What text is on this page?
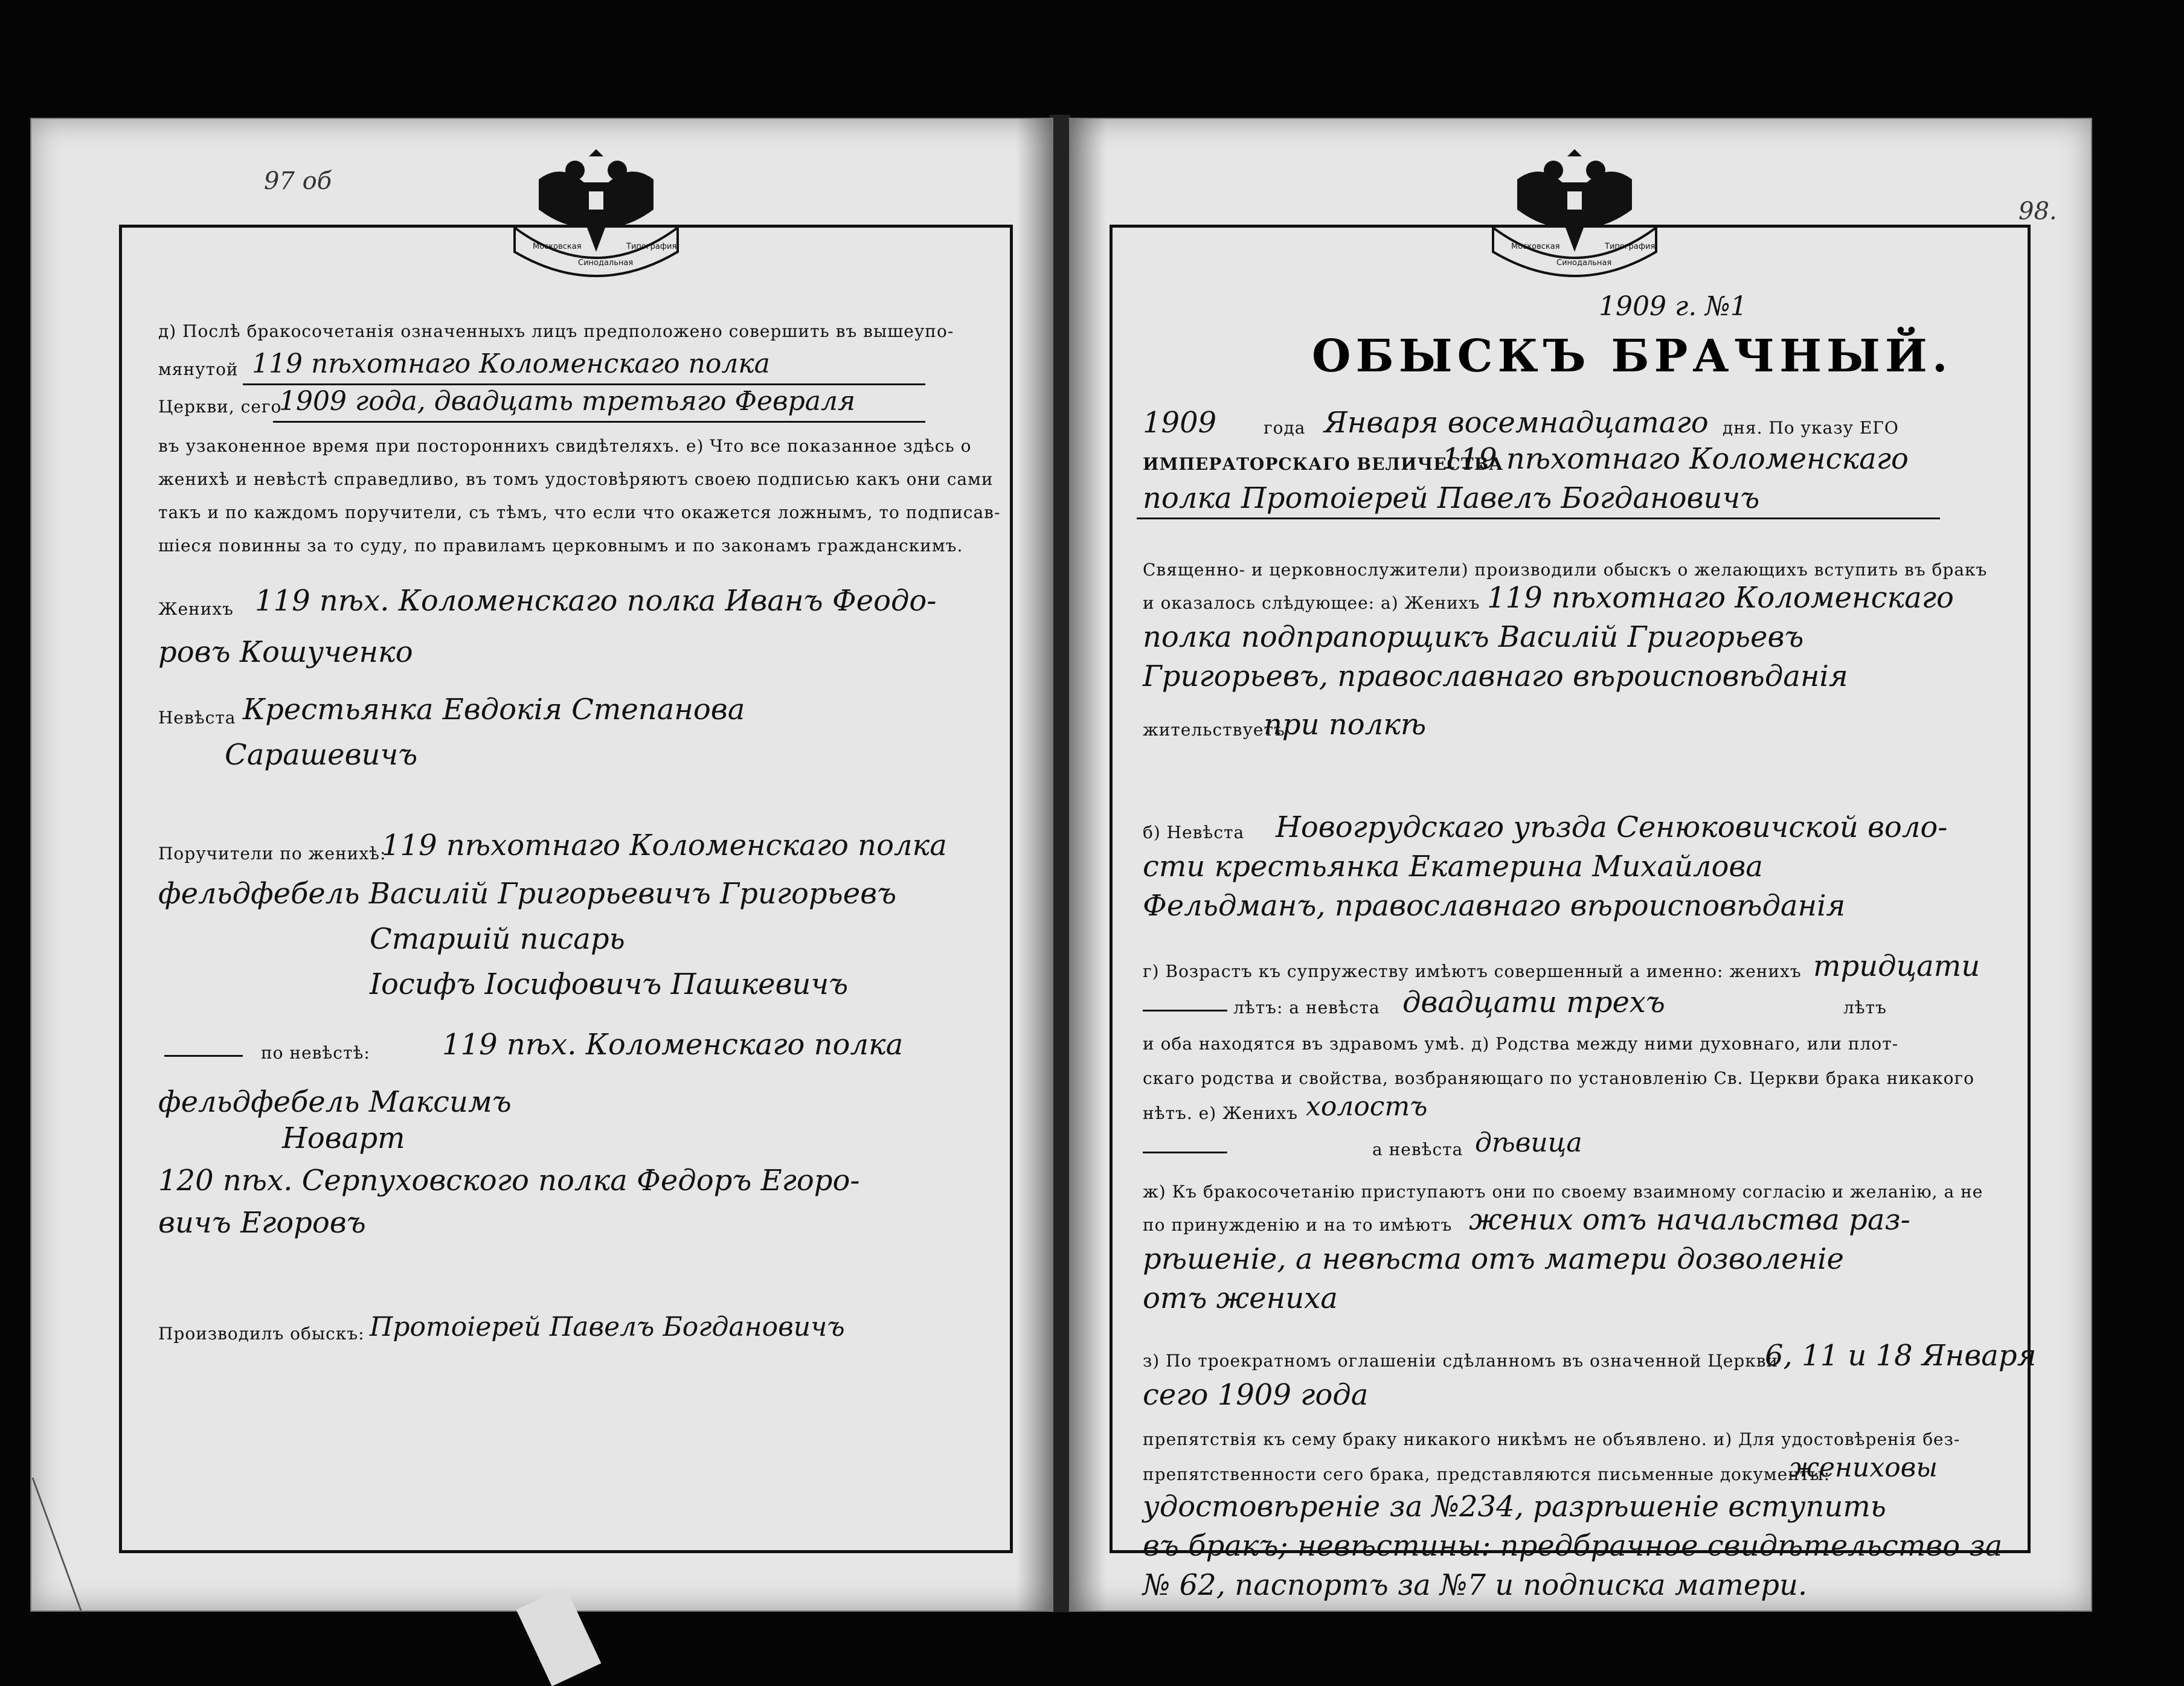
97 об
Московская
Синодальная
Типография
д) Послѣ бракосочетанія означенныхъ лицъ предположено совершить въ вышеупо-
мянутой 119 пѣхотнаго Коломенскаго полка
Церкви, сего
1909 года, двадцать третьяго Февраля
въ узаконенное время при постороннихъ свидѣтеляхъ. е) Что все показанное здѣсь о
женихѣ и невѣстѣ справедливо, въ томъ удостовѣряютъ своею подписью какъ они сами
такъ и по каждомъ поручители, съ тѣмъ, что если что окажется ложнымъ, то подписав-
шіеся повинны за то суду, по правиламъ церковнымъ и по законамъ гражданскимъ.
Женихъ 119 пѣх. Коломенскаго полка Иванъ Феодо-
ровъ Кошученко
Невѣста Крестьянка Евдокія Степанова
Сарашевичъ
Поручители по женихѣ:
119 пѣхотнаго Коломенскаго полка
фельдфебель Василій Григорьевичъ Григорьевъ
Старшій писарь
Іосифъ Іосифовичъ Пашкевичъ
по невѣстѣ: 119 пѣх. Коломенскаго полка
фельдфебель Максимъ
Новарт
120 пѣх. Серпуховского полка Федоръ Егоро-
вичъ Егоровъ
Производилъ обыскъ: Протоіерей Павелъ Богдановичъ
98.
Московская
Синодальная
Типография
1909 г. №1
ОБЫСКЪ БРАЧНЫЙ.
1909	года Января восемнадцатаго дня. По указу ЕГО
ИМПЕРАТОРСКАГО ВЕЛИЧЕСТВА
119 пѣхотнаго Коломенскаго
полка Протоіерей Павелъ Богдановичъ
Священно- и церковнослужители) производили обыскъ о желающихъ вступить въ бракъ
и оказалось слѣдующее: а) Женихъ 119 пѣхотнаго Коломенскаго
полка подпрапорщикъ Василій Григорьевъ
Григорьевъ, православнаго вѣроисповѣданія
жительствуетъ
при полкѣ
б) Невѣста Новогрудскаго уѣзда Сенюковичской воло-
сти крестьянка Екатерина Михайлова
Фельдманъ, православнаго вѣроисповѣданія
г) Возрастъ къ супружеству имѣютъ совершенный а именно: женихъ тридцати
лѣтъ: а невѣста двадцати трехъ	лѣтъ
и оба находятся въ здравомъ умѣ. д) Родства между ними духовнаго, или плот-
скаго родства и свойства, возбраняющаго по установленію Св. Церкви брака никакого
нѣтъ. е) Женихъ холостъ
а невѣста дѣвица
ж) Къ бракосочетанію приступаютъ они по своему взаимному согласію и желанію, а не
по принужденію и на то имѣютъ жених отъ начальства раз-
рѣшеніе, а невѣста отъ матери дозволеніе
отъ жениха
з) По троекратномъ оглашеніи сдѣланномъ въ означенной Церкви
6, 11 и 18 Января
сего 1909 года
препятствія къ сему браку никакого никѣмъ не объявлено. и) Для удостовѣренія без-
препятственности сего брака, представляются письменные документы:
жениховы
удостовѣреніе за №234, разрѣшеніе вступить
въ бракъ; невѣстины: предбрачное свидѣтельство за
№ 62, паспортъ за №7 и подписка матери.
